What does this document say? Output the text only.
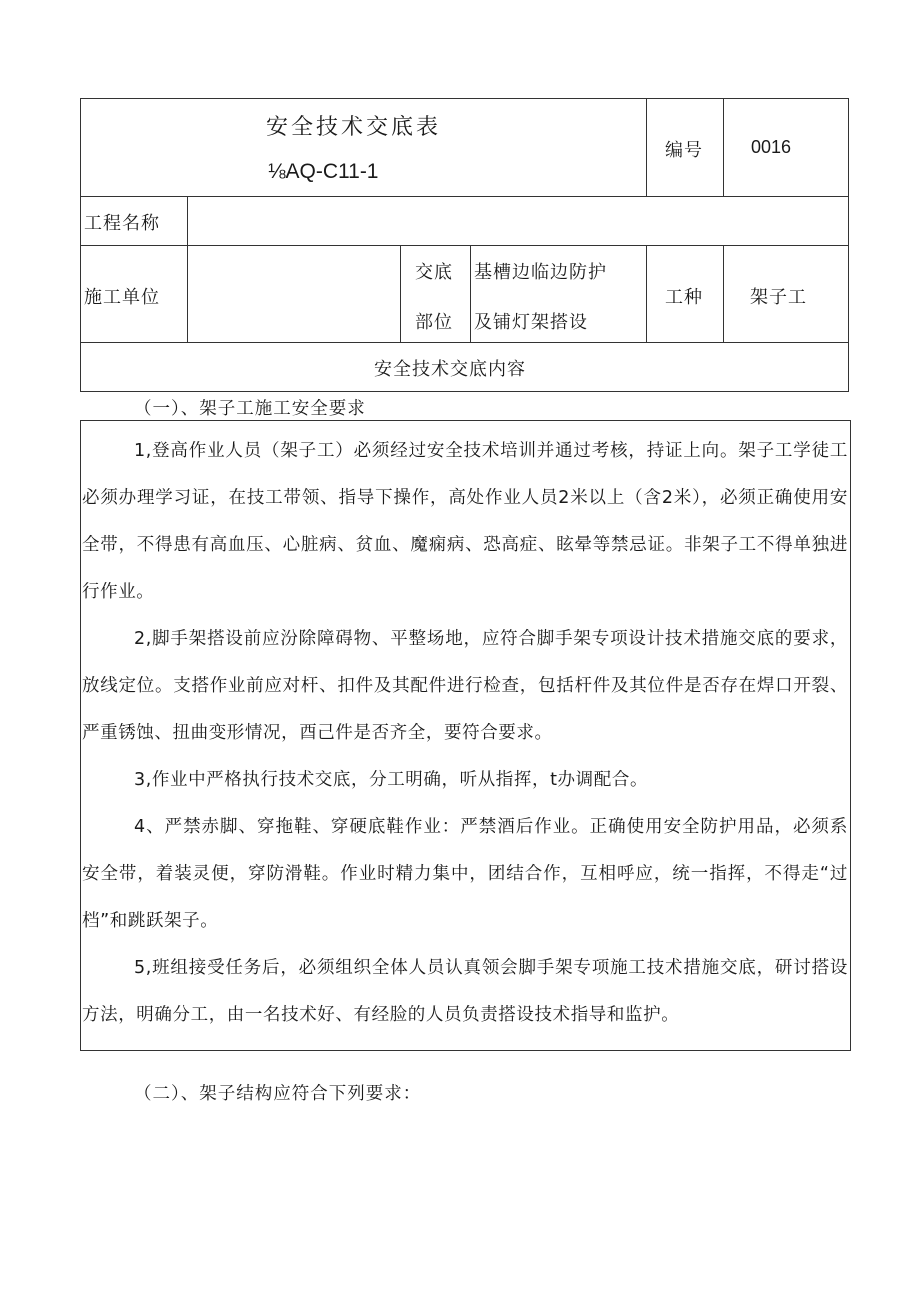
安全技术交底表
⅛AQ-C11-1
编号	0016
工程名称
施工单位
交底
部位
基槽边临边防护
及铺灯架搭设
工种	架子工
安全技术交底内容
（一）、架子工施工安全要求

1,登高作业人员（架子工）必须经过安全技术培训并通过考核，持证上向。架子工学徒工必须办理学习证，在技工带领、指导下操作，高处作业人员2米以上（含2米），必须正确使用安全带，不得患有高血压、心脏病、贫血、魔痫病、恐高症、眩晕等禁忌证。非架子工不得单独进行作业。

2,脚手架搭设前应汾除障碍物、平整场地，应符合脚手架专项设计技术措施交底的要求，放线定位。支搭作业前应对杆、扣件及其配件进行检查，包括杆件及其位件是否存在焊口开裂、严重锈蚀、扭曲变形情况，酉己件是否齐全，要符合要求。

3,作业中严格执行技术交底，分工明确，听从指挥，t办调配合。

4、严禁赤脚、穿拖鞋、穿硬底鞋作业：严禁酒后作业。正确使用安全防护用品，必须系安全带，着装灵便，穿防滑鞋。作业时精力集中，团结合作，互相呼应，统一指挥，不得走“过档”和跳跃架子。

5,班组接受任务后，必须组织全体人员认真领会脚手架专项施工技术措施交底，研讨搭设方法，明确分工，由一名技术好、有经脸的人员负责搭设技术指导和监护。

（二）、架子结构应符合下列要求：
